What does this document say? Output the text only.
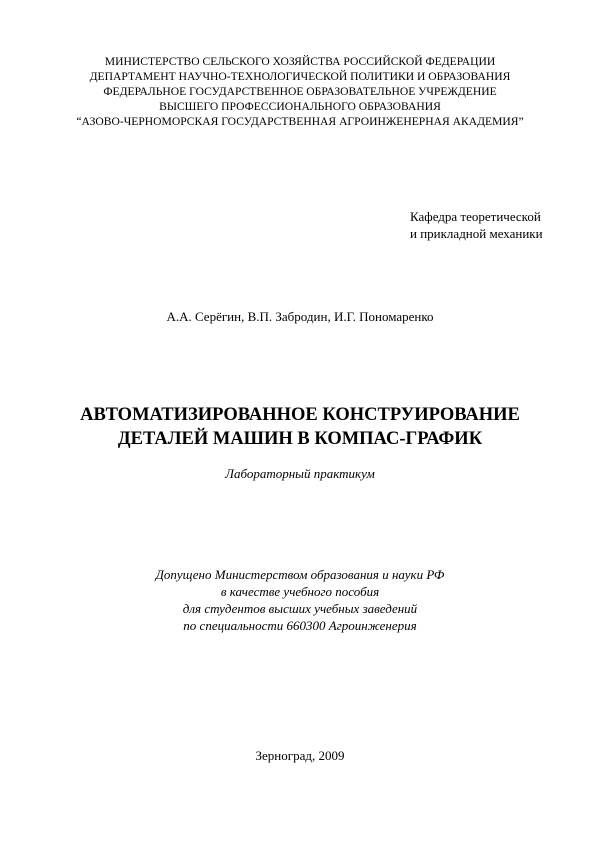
МИНИСТЕРСТВО СЕЛЬСКОГО ХОЗЯЙСТВА РОССИЙСКОЙ ФЕДЕРАЦИИ
ДЕПАРТАМЕНТ НАУЧНО-ТЕХНОЛОГИЧЕСКОЙ ПОЛИТИКИ И ОБРАЗОВАНИЯ
ФЕДЕРАЛЬНОЕ ГОСУДАРСТВЕННОЕ ОБРАЗОВАТЕЛЬНОЕ УЧРЕЖДЕНИЕ
ВЫСШЕГО ПРОФЕССИОНАЛЬНОГО ОБРАЗОВАНИЯ
“АЗОВО-ЧЕРНОМОРСКАЯ ГОСУДАРСТВЕННАЯ АГРОИНЖЕНЕРНАЯ АКАДЕМИЯ”
Кафедра теоретической
и прикладной механики
А.А. Серёгин, В.П. Забродин, И.Г. Пономаренко
АВТОМАТИЗИРОВАННОЕ КОНСТРУИРОВАНИЕ
ДЕТАЛЕЙ МАШИН В КОМПАС-ГРАФИК
Лабораторный практикум
Допущено Министерством образования и науки РФ
в качестве учебного пособия
для студентов высших учебных заведений
по специальности 660300 Агроинженерия
Зерноград, 2009
